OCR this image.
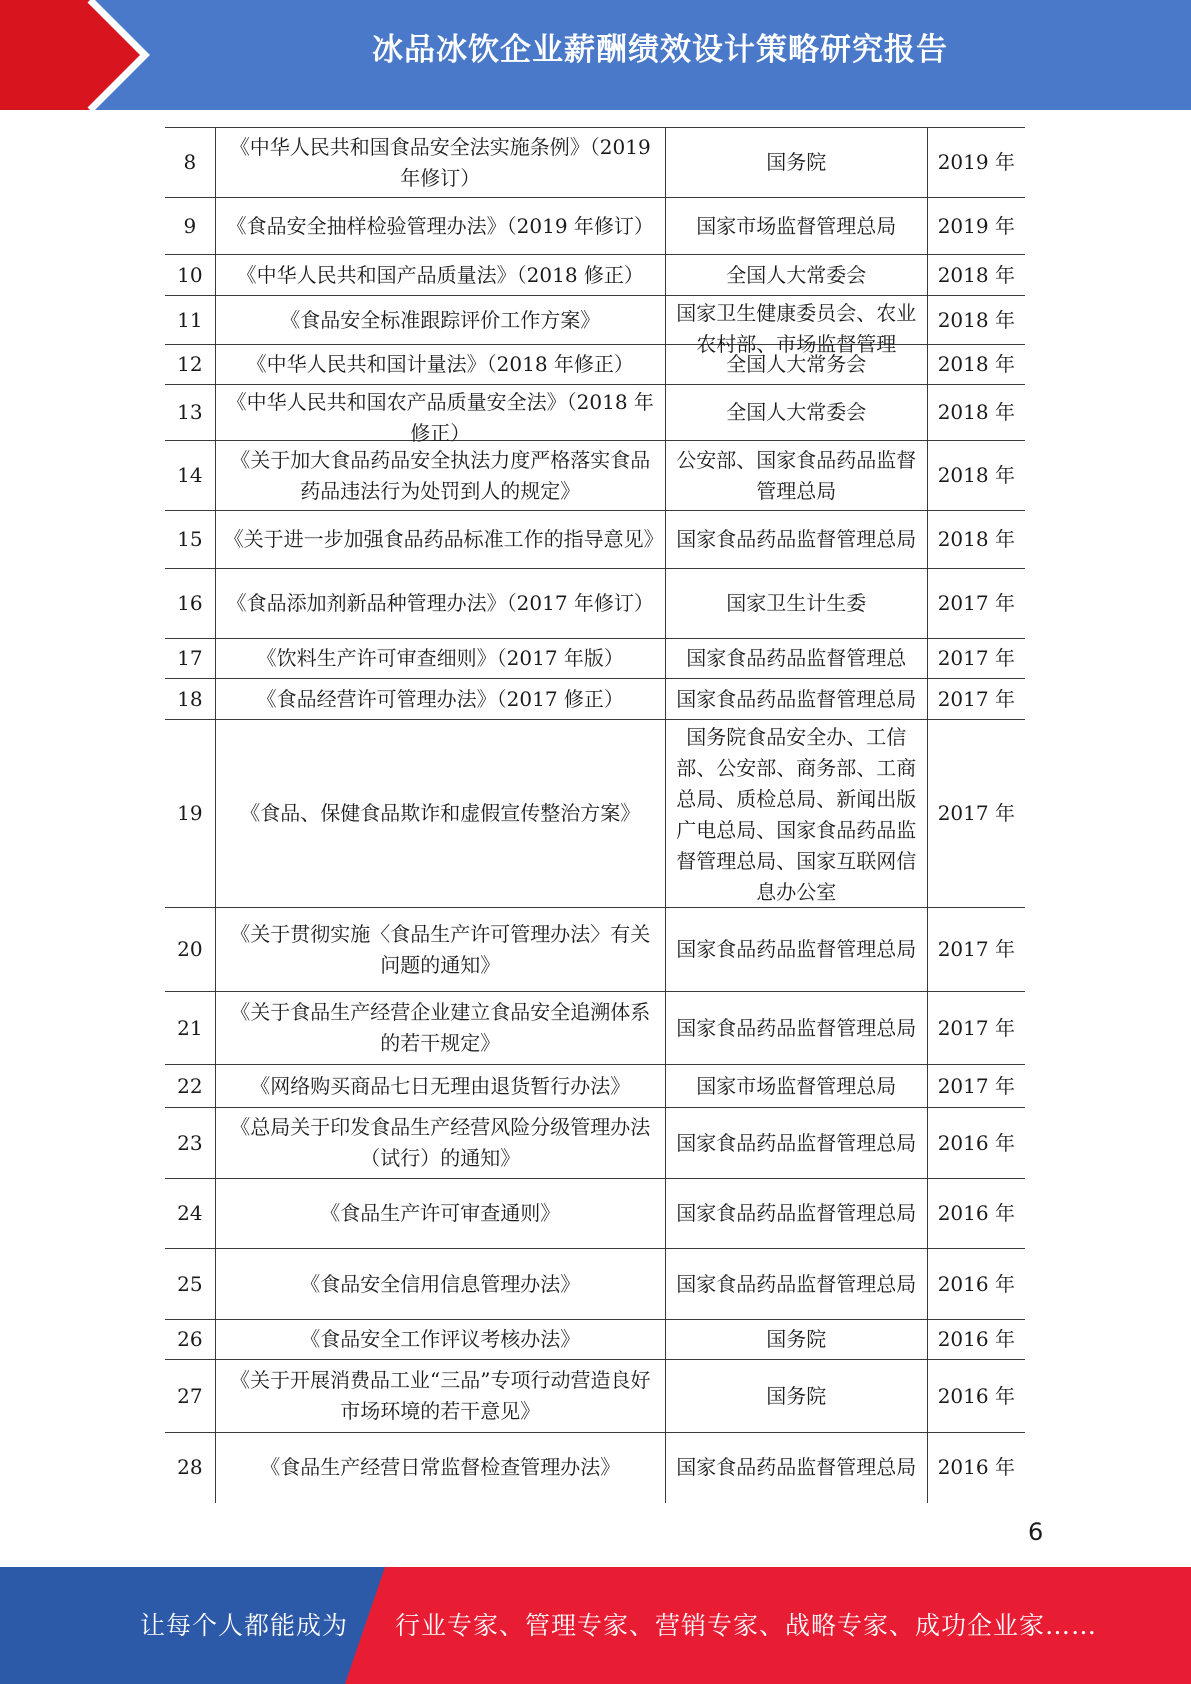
冰品冰饮企业薪酬绩效设计策略研究报告
8	《中华人民共和国食品安全法实施条例》（2019 年修订）	国务院	2019 年

9	《食品安全抽样检验管理办法》（2019 年修订）	国家市场监督管理总局	2019 年

10	《中华人民共和国产品质量法》（2018 修正）	全国人大常委会	2018 年

11	《食品安全标准跟踪评价工作方案》	国家卫生健康委员会、农业农村部、市场监督管理	2018 年

12	《中华人民共和国计量法》（2018 年修正）	全国人大常务会	2018 年

13	《中华人民共和国农产品质量安全法》（2018 年修正）	全国人大常委会	2018 年

14	《关于加大食品药品安全执法力度严格落实食品药品违法行为处罚到人的规定》	公安部、国家食品药品监督管理总局	2018 年

15	《关于进一步加强食品药品标准工作的指导意见》	国家食品药品监督管理总局	2018 年

16	《食品添加剂新品种管理办法》（2017 年修订）	国家卫生计生委	2017 年

17	《饮料生产许可审查细则》（2017 年版）	国家食品药品监督管理总	2017 年

18	《食品经营许可管理办法》（2017 修正）	国家食品药品监督管理总局	2017 年

19	《食品、保健食品欺诈和虚假宣传整治方案》	国务院食品安全办、工信部、公安部、商务部、工商总局、质检总局、新闻出版广电总局、国家食品药品监督管理总局、国家互联网信息办公室	2017 年

20	《关于贯彻实施〈食品生产许可管理办法〉有关问题的通知》	国家食品药品监督管理总局	2017 年

21	《关于食品生产经营企业建立食品安全追溯体系的若干规定》	国家食品药品监督管理总局	2017 年

22	《网络购买商品七日无理由退货暂行办法》	国家市场监督管理总局	2017 年

23	《总局关于印发食品生产经营风险分级管理办法（试行）的通知》	国家食品药品监督管理总局	2016 年

24	《食品生产许可审查通则》	国家食品药品监督管理总局	2016 年

25	《食品安全信用信息管理办法》	国家食品药品监督管理总局	2016 年

26	《食品安全工作评议考核办法》	国务院	2016 年

27	《关于开展消费品工业“三品”专项行动营造良好市场环境的若干意见》	国务院	2016 年

28	《食品生产经营日常监督检查管理办法》	国家食品药品监督管理总局	2016 年
6
让每个人都能成为 行业专家、管理专家、营销专家、战略专家、成功企业家……
